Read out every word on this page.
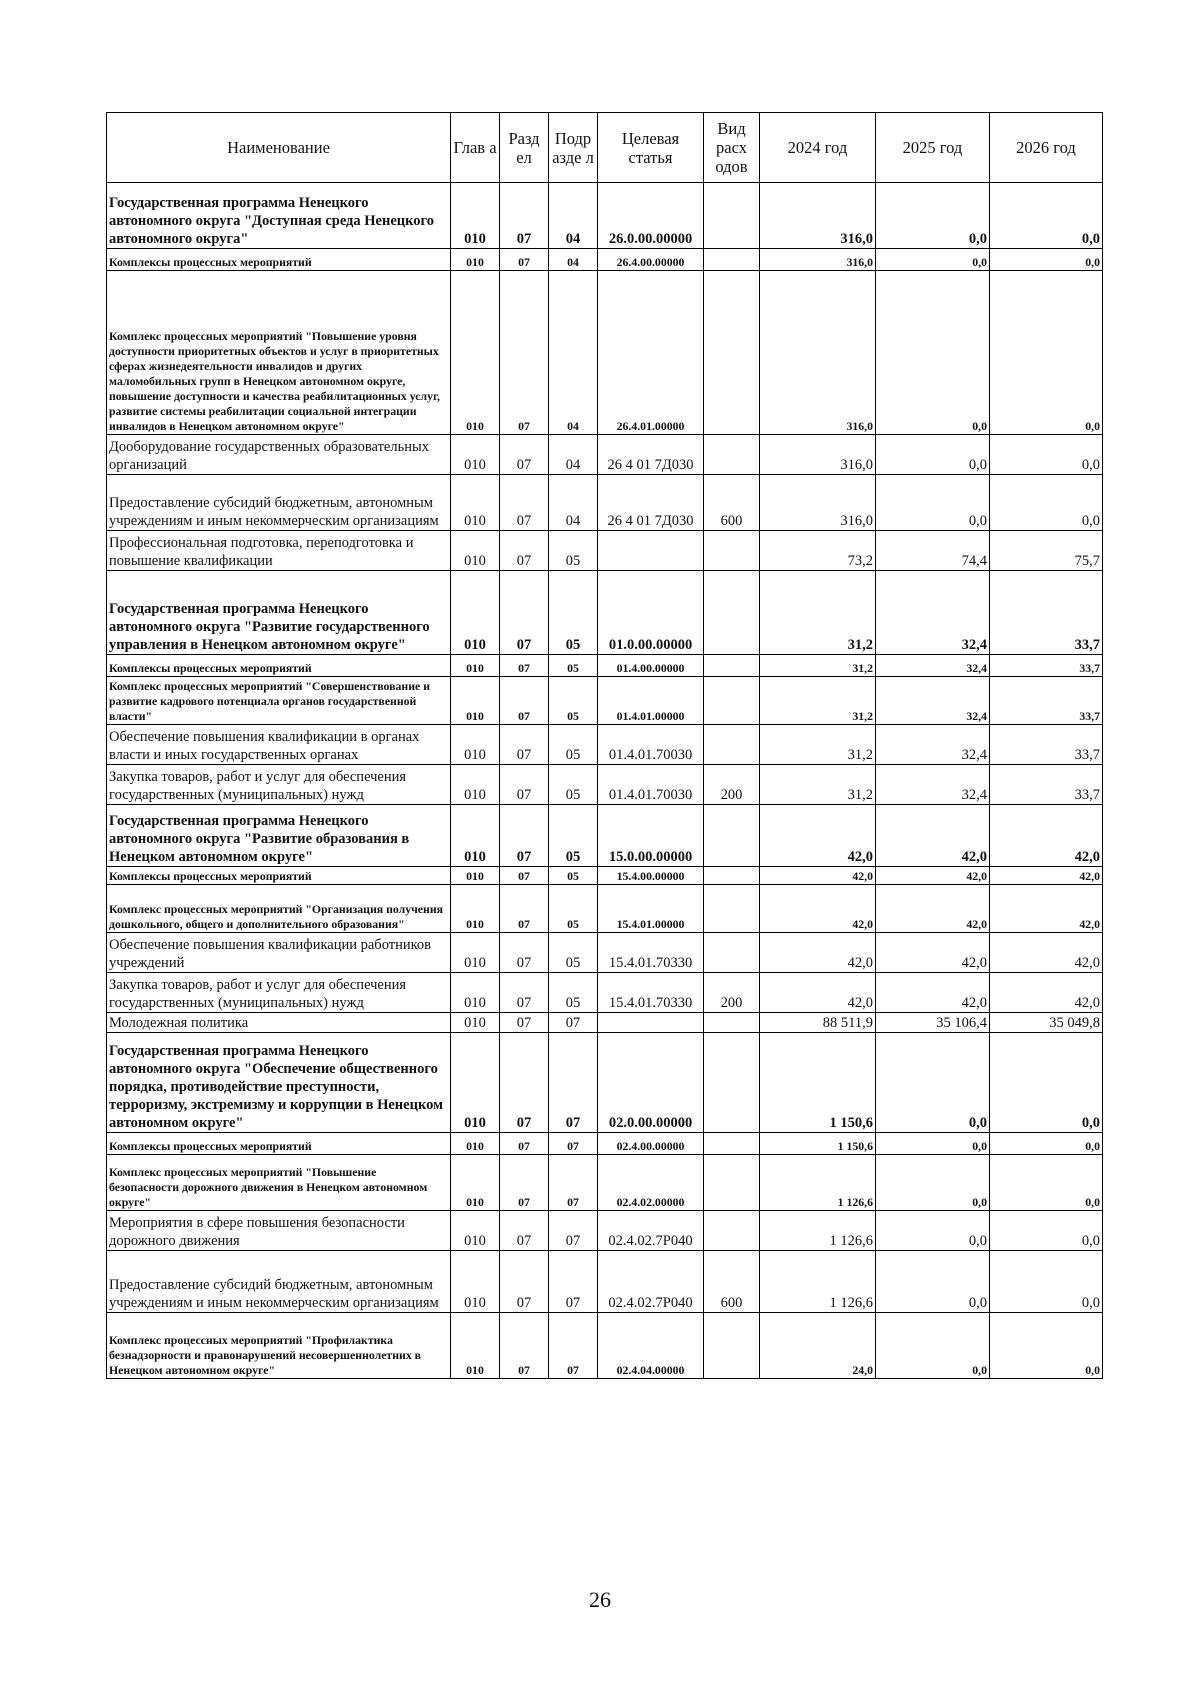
Наименование	Глав а	Разд ел	Подр азде л	Целевая статья	Вид расх одов	2024 год	2025 год	2026 год
Государственная программа Ненецкого автономного округа "Доступная среда Ненецкого автономного округа"	010	07	04	26.0.00.00000		316,0	0,0	0,0
Комплексы процессных мероприятий	010	07	04	26.4.00.00000		316,0	0,0	0,0
Комплекс процессных мероприятий "Повышение уровня доступности приоритетных объектов и услуг в приоритетных сферах жизнедеятельности инвалидов и других маломобильных групп в Ненецком автономном округе, повышение доступности и качества реабилитационных услуг, развитие системы реабилитации социальной интеграции инвалидов в Ненецком автономном округе"	010	07	04	26.4.01.00000		316,0	0,0	0,0
Дооборудование государственных образовательных организаций	010	07	04	26 4 01 7Д030		316,0	0,0	0,0
Предоставление субсидий бюджетным, автономным учреждениям и иным некоммерческим организациям	010	07	04	26 4 01 7Д030	600	316,0	0,0	0,0
Профессиональная подготовка, переподготовка и повышение квалификации	010	07	05			73,2	74,4	75,7
Государственная программа Ненецкого автономного округа "Развитие государственного управления в Ненецком автономном округе"	010	07	05	01.0.00.00000		31,2	32,4	33,7
Комплексы процессных мероприятий	010	07	05	01.4.00.00000		31,2	32,4	33,7
Комплекс процессных мероприятий "Совершенствование и развитие кадрового потенциала органов государственной власти"	010	07	05	01.4.01.00000		31,2	32,4	33,7
Обеспечение повышения квалификации в органах власти и иных государственных органах	010	07	05	01.4.01.70030		31,2	32,4	33,7
Закупка товаров, работ и услуг для обеспечения государственных (муниципальных) нужд	010	07	05	01.4.01.70030	200	31,2	32,4	33,7
Государственная программа Ненецкого автономного округа "Развитие образования в Ненецком автономном округе"	010	07	05	15.0.00.00000		42,0	42,0	42,0
Комплексы процессных мероприятий	010	07	05	15.4.00.00000		42,0	42,0	42,0
Комплекс процессных мероприятий "Организация получения дошкольного, общего и дополнительного образования"	010	07	05	15.4.01.00000		42,0	42,0	42,0
Обеспечение повышения квалификации работников учреждений	010	07	05	15.4.01.70330		42,0	42,0	42,0
Закупка товаров, работ и услуг для обеспечения государственных (муниципальных) нужд	010	07	05	15.4.01.70330	200	42,0	42,0	42,0
Молодежная политика	010	07	07			88 511,9	35 106,4	35 049,8
Государственная программа Ненецкого автономного округа "Обеспечение общественного порядка, противодействие преступности, терроризму, экстремизму и коррупции в Ненецком автономном округе"	010	07	07	02.0.00.00000		1 150,6	0,0	0,0
Комплексы процессных мероприятий	010	07	07	02.4.00.00000		1 150,6	0,0	0,0
Комплекс процессных мероприятий "Повышение безопасности дорожного движения в Ненецком автономном округе"	010	07	07	02.4.02.00000		1 126,6	0,0	0,0
Мероприятия в сфере повышения безопасности дорожного движения	010	07	07	02.4.02.7Р040		1 126,6	0,0	0,0
Предоставление субсидий бюджетным, автономным учреждениям и иным некоммерческим организациям	010	07	07	02.4.02.7Р040	600	1 126,6	0,0	0,0
Комплекс процессных мероприятий "Профилактика безнадзорности и правонарушений несовершеннолетних в Ненецком автономном округе"	010	07	07	02.4.04.00000		24,0	0,0	0,0
26
